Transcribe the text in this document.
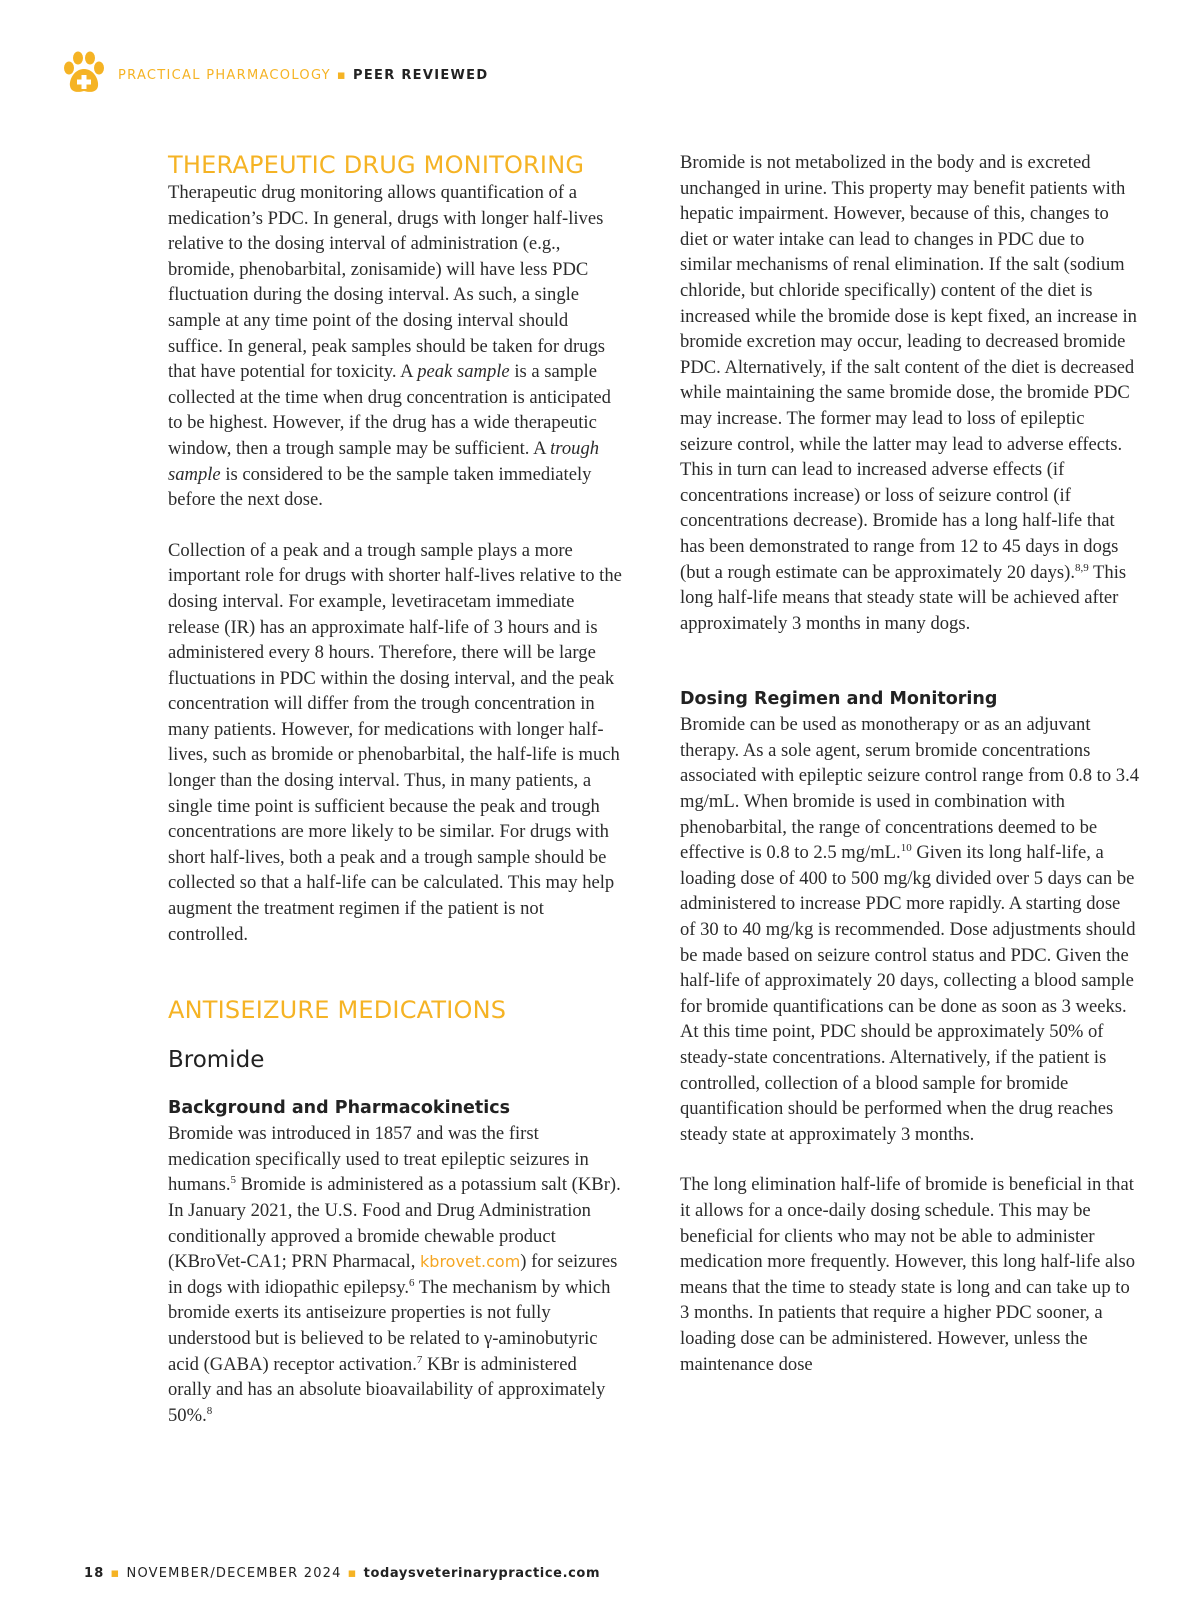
PRACTICAL PHARMACOLOGY ▪ PEER REVIEWED
THERAPEUTIC DRUG MONITORING

Therapeutic drug monitoring allows quantification of a medication’s PDC. In general, drugs with longer half-lives relative to the dosing interval of administration (e.g., bromide, phenobarbital, zonisamide) will have less PDC fluctuation during the dosing interval. As such, a single sample at any time point of the dosing interval should suffice. In general, peak samples should be taken for drugs that have potential for toxicity. A peak sample is a sample collected at the time when drug concentration is anticipated to be highest. However, if the drug has a wide therapeutic window, then a trough sample may be sufficient. A trough sample is considered to be the sample taken immediately before the next dose.

Collection of a peak and a trough sample plays a more important role for drugs with shorter half-lives relative to the dosing interval. For example, levetiracetam immediate release (IR) has an approximate half-life of 3 hours and is administered every 8 hours. Therefore, there will be large fluctuations in PDC within the dosing interval, and the peak concentration will differ from the trough concentration in many patients. However, for medications with longer half-lives, such as bromide or phenobarbital, the half-life is much longer than the dosing interval. Thus, in many patients, a single time point is sufficient because the peak and trough concentrations are more likely to be similar. For drugs with short half-lives, both a peak and a trough sample should be collected so that a half-life can be calculated. This may help augment the treatment regimen if the patient is not controlled.

ANTISEIZURE MEDICATIONS
Bromide
Background and Pharmacokinetics

Bromide was introduced in 1857 and was the first medication specifically used to treat epileptic seizures in humans.$^5$ Bromide is administered as a potassium salt (KBr). In January 2021, the U.S. Food and Drug Administration conditionally approved a bromide chewable product (KBroVet-CA1; PRN Pharmacal, kbrovet.com) for seizures in dogs with idiopathic epilepsy.$^6$ The mechanism by which bromide exerts its antiseizure properties is not fully understood but is believed to be related to γ-aminobutyric acid (GABA) receptor activation.$^7$ KBr is administered orally and has an absolute bioavailability of approximately 50%.$^8$

Bromide is not metabolized in the body and is excreted unchanged in urine. This property may benefit patients with hepatic impairment. However, because of this, changes to diet or water intake can lead to changes in PDC due to similar mechanisms of renal elimination. If the salt (sodium chloride, but chloride specifically) content of the diet is increased while the bromide dose is kept fixed, an increase in bromide excretion may occur, leading to decreased bromide PDC. Alternatively, if the salt content of the diet is decreased while maintaining the same bromide dose, the bromide PDC may increase. The former may lead to loss of epileptic seizure control, while the latter may lead to adverse effects. This in turn can lead to increased adverse effects (if concentrations increase) or loss of seizure control (if concentrations decrease). Bromide has a long half-life that has been demonstrated to range from 12 to 45 days in dogs (but a rough estimate can be approximately 20 days).$^{8,9}$ This long half-life means that steady state will be achieved after approximately 3 months in many dogs.

Dosing Regimen and Monitoring

Bromide can be used as monotherapy or as an adjuvant therapy. As a sole agent, serum bromide concentrations associated with epileptic seizure control range from 0.8 to 3.4 mg/mL. When bromide is used in combination with phenobarbital, the range of concentrations deemed to be effective is 0.8 to 2.5 mg/mL.$^{10}$ Given its long half-life, a loading dose of 400 to 500 mg/kg divided over 5 days can be administered to increase PDC more rapidly. A starting dose of 30 to 40 mg/kg is recommended. Dose adjustments should be made based on seizure control status and PDC. Given the half-life of approximately 20 days, collecting a blood sample for bromide quantifications can be done as soon as 3 weeks. At this time point, PDC should be approximately 50% of steady-state concentrations. Alternatively, if the patient is controlled, collection of a blood sample for bromide quantification should be performed when the drug reaches steady state at approximately 3 months.

The long elimination half-life of bromide is beneficial in that it allows for a once-daily dosing schedule. This may be beneficial for clients who may not be able to administer medication more frequently. However, this long half-life also means that the time to steady state is long and can take up to 3 months. In patients that require a higher PDC sooner, a loading dose can be administered. However, unless the maintenance dose

18 ▪ NOVEMBER/DECEMBER 2024 ▪ todaysveterinarypractice.com
